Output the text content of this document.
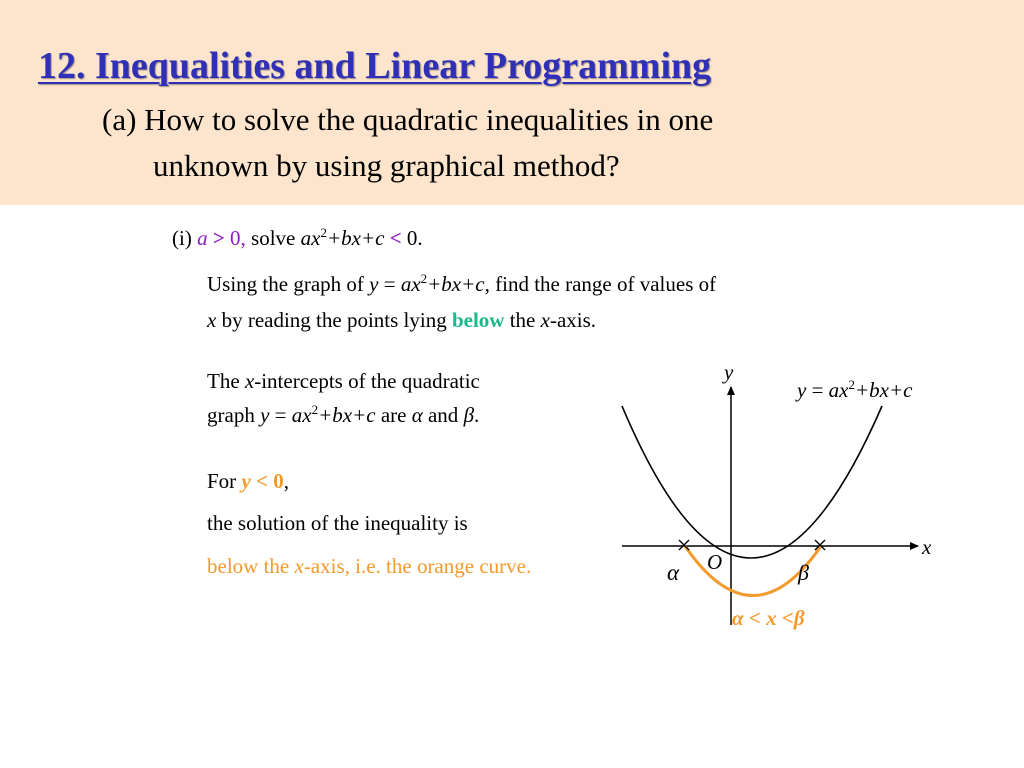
12. Inequalities and Linear Programming
(a) How to solve the quadratic inequalities in one
unknown by using graphical method?
(i) a > 0, solve $ax^2+bx+c < 0$.
Using the graph of $y = ax^2+bx+c$, find the range of values of
x by reading the points lying below the x-axis.
The x-intercepts of the quadratic
graph $y = ax^2+bx+c$ are α and β.
For y < 0,
the solution of the inequality is
below the x-axis, i.e. the orange curve.
y
x
O
α	β
$y = ax^2+bx+c$
α < x <β
